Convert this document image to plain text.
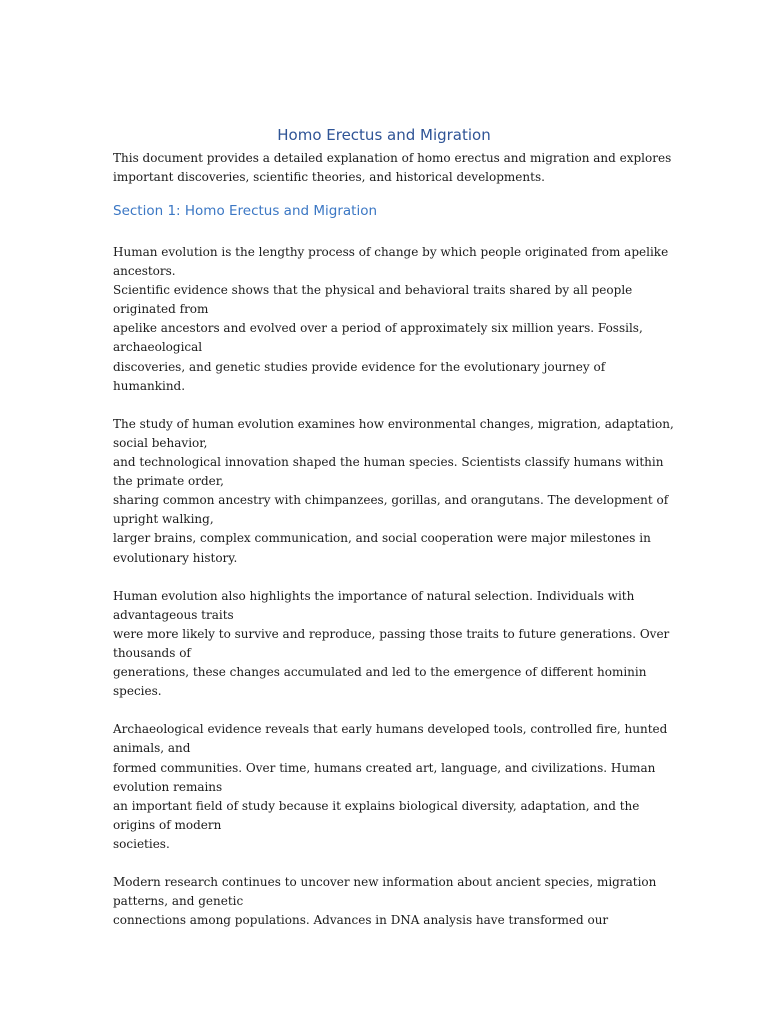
Homo Erectus and Migration
This document provides a detailed explanation of homo erectus and migration and explores
important discoveries, scientific theories, and historical developments.
Section 1: Homo Erectus and Migration
Human evolution is the lengthy process of change by which people originated from apelike
ancestors.
Scientific evidence shows that the physical and behavioral traits shared by all people
originated from
apelike ancestors and evolved over a period of approximately six million years. Fossils,
archaeological
discoveries, and genetic studies provide evidence for the evolutionary journey of
humankind.
The study of human evolution examines how environmental changes, migration, adaptation,
social behavior,
and technological innovation shaped the human species. Scientists classify humans within
the primate order,
sharing common ancestry with chimpanzees, gorillas, and orangutans. The development of
upright walking,
larger brains, complex communication, and social cooperation were major milestones in
evolutionary history.
Human evolution also highlights the importance of natural selection. Individuals with
advantageous traits
were more likely to survive and reproduce, passing those traits to future generations. Over
thousands of
generations, these changes accumulated and led to the emergence of different hominin
species.
Archaeological evidence reveals that early humans developed tools, controlled fire, hunted
animals, and
formed communities. Over time, humans created art, language, and civilizations. Human
evolution remains
an important field of study because it explains biological diversity, adaptation, and the
origins of modern
societies.
Modern research continues to uncover new information about ancient species, migration
patterns, and genetic
connections among populations. Advances in DNA analysis have transformed our
